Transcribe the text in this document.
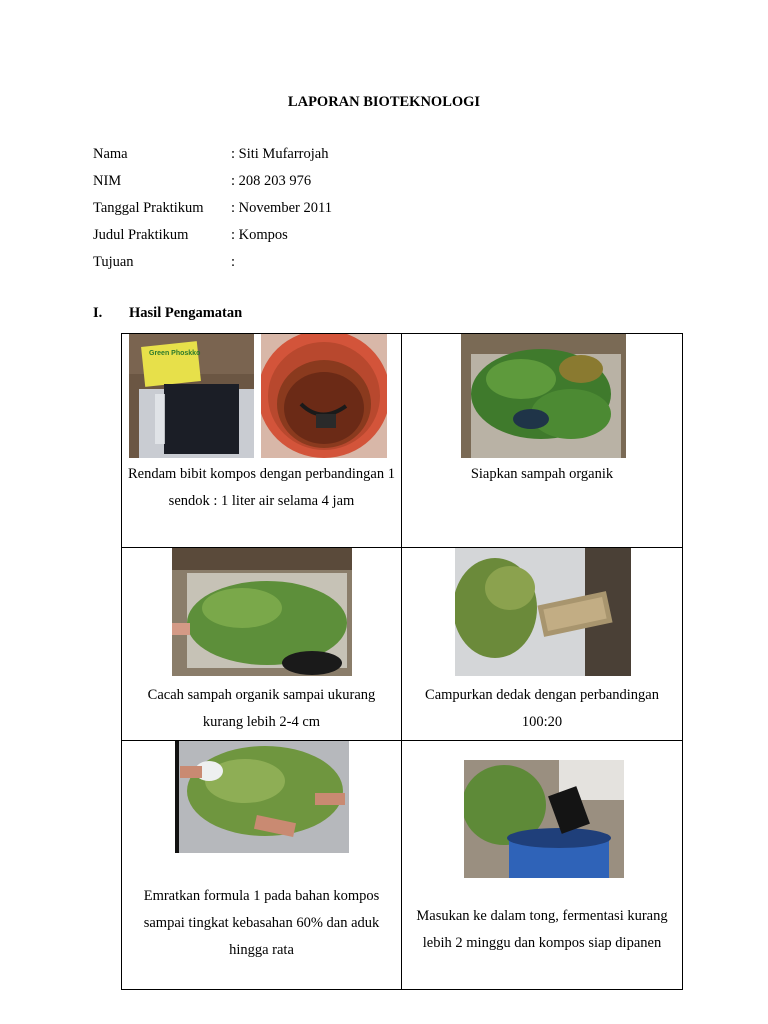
LAPORAN BIOTEKNOLOGI
Nama	: Siti Mufarrojah
NIM	: 208 203 976
Tanggal Praktikum : November 2011
Judul Praktikum	: Kompos
Tujuan	:
I. Hasil Pengamatan
Green Phoskko
Rendam bibit kompos dengan perbandingan 1 sendok : 1 liter air selama 4 jam	Siapkan sampah organik

Cacah sampah organik sampai ukurang kurang lebih 2-4 cm	Campurkan dedak dengan perbandingan 100:20

Emratkan formula 1 pada bahan kompos sampai tingkat kebasahan 60% dan aduk hingga rata	Masukan ke dalam tong, fermentasi kurang lebih 2 minggu dan kompos siap dipanen
